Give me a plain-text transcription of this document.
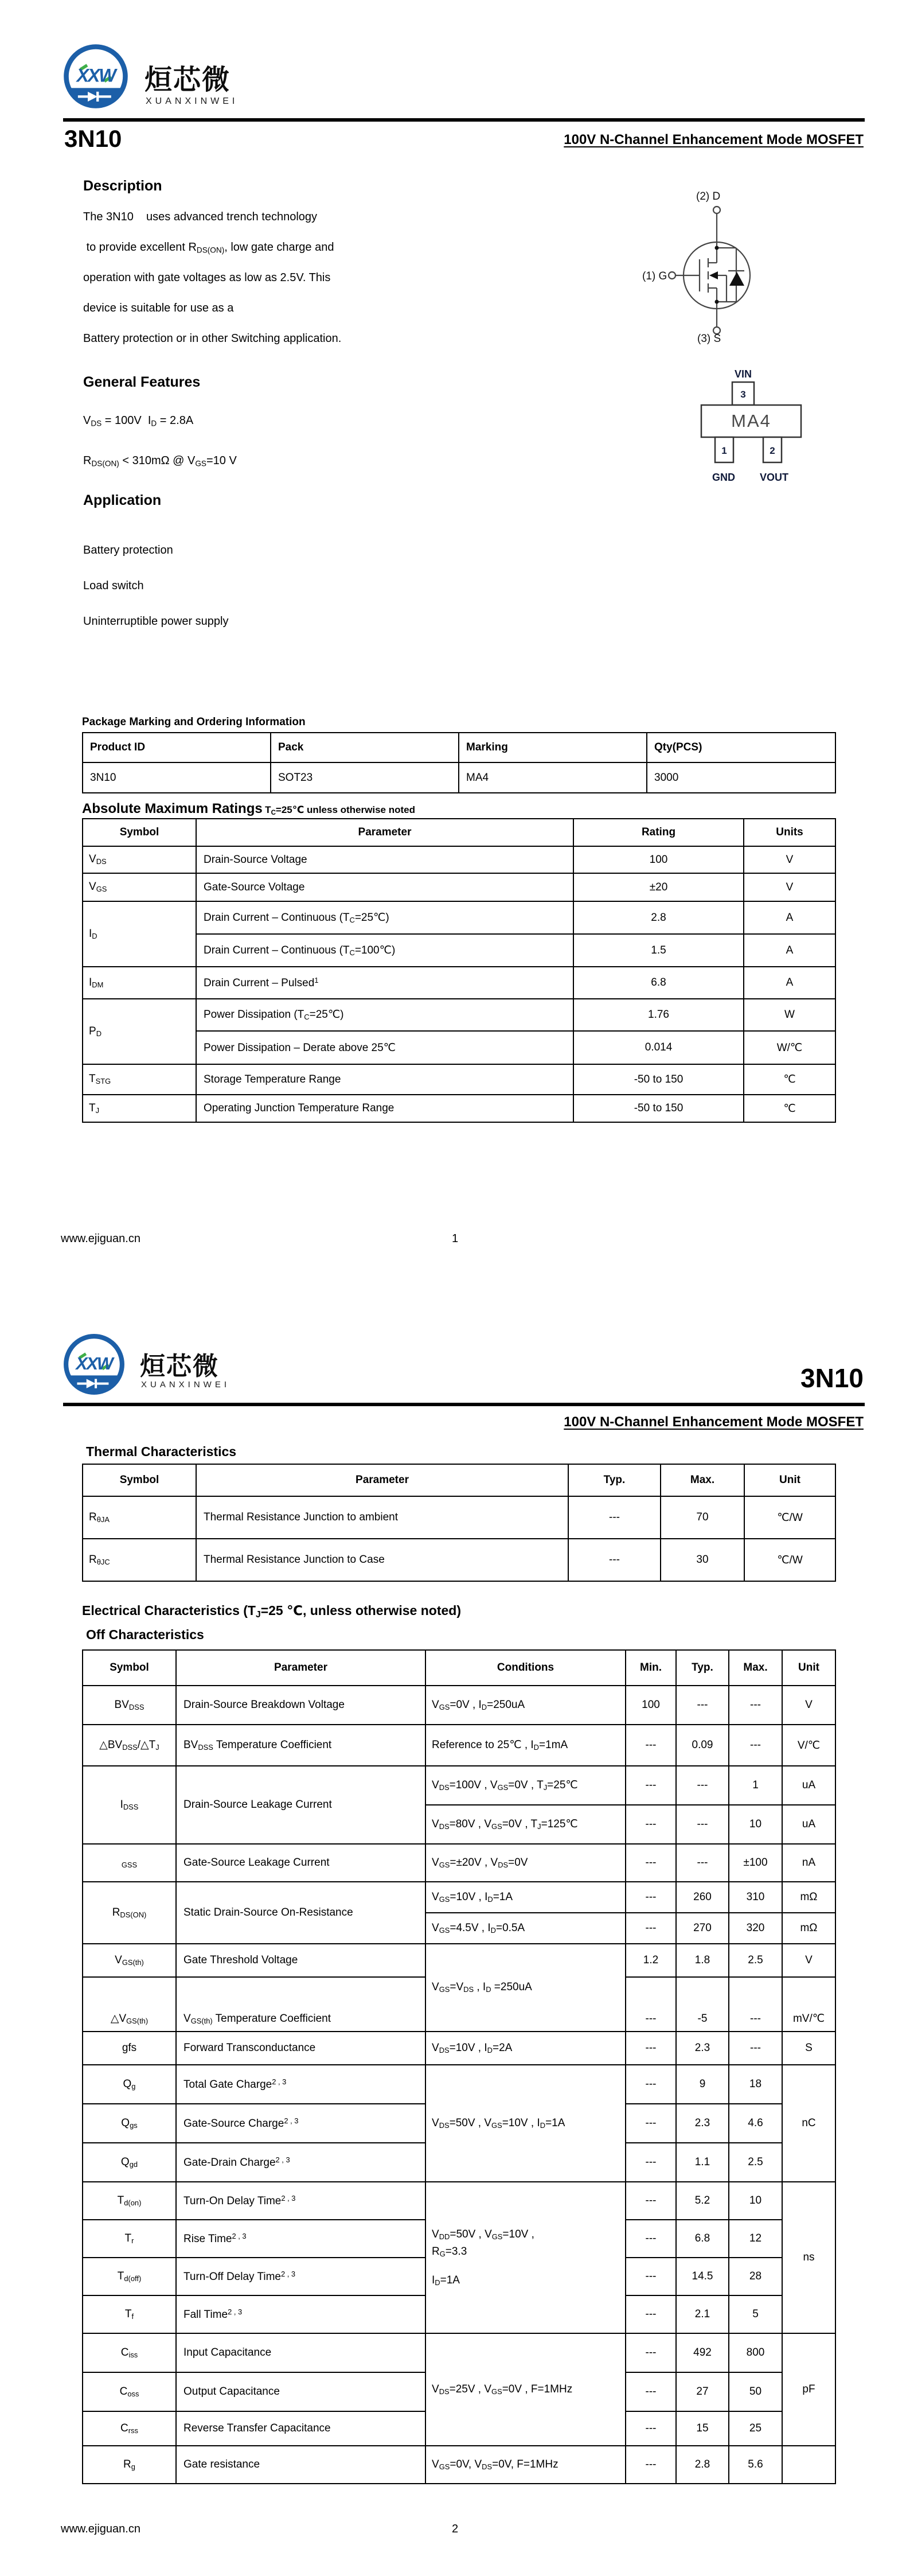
XXW 烜芯微
XUANXINWEI
3N10	100V N-Channel Enhancement Mode MOSFET
Description
The 3N10    uses advanced trench technology
to provide excellent $R_{DS(ON)}$, low gate charge and
operation with gate voltages as low as 2.5V. This
device is suitable for use as a
Battery protection or in other Switching application.
(2) D
(1) G
(3) S
General Features
$V_{DS} = 100V$  $I_D = 2.8A$
$R_{DS(ON)} < 310m\Omega$ @ $V_{GS}=10$ V
VIN
3
MA4
1	2
GND VOUT
Application
Battery protection
Load switch
Uninterruptible power supply
Package Marking and Ordering Information
Product ID	Pack	Marking	Qty(PCS)
3N10	SOT23	MA4	3000
Absolute Maximum Ratings $T_C=25℃$ unless otherwise noted
Symbol	Parameter	Rating	Units
$V_{DS}$	Drain-Source Voltage	100	V
$V_{GS}$	Gate-Source Voltage	±20	V
$I_D$	Drain Current – Continuous $(T_C=25℃)$	2.8	A
	Drain Current – Continuous $(T_C=100℃)$	1.5	A
$I_{DM}$	Drain Current – Pulsed$^1$	6.8	A
$P_D$	Power Dissipation $(T_C=25℃)$	1.76	W
	Power Dissipation – Derate above 25℃	0.014	W/℃
$T_{STG}$	Storage Temperature Range	-50 to 150	℃
$T_J$	Operating Junction Temperature Range	-50 to 150	℃
www.ejiguan.cn	1
XXW 烜芯微
XUANXINWEI	3N10
100V N-Channel Enhancement Mode MOSFET
Thermal Characteristics
Symbol	Parameter	Typ.	Max.	Unit
$R_{\theta JA}$	Thermal Resistance Junction to ambient	---	70	℃/W
$R_{\theta JC}$	Thermal Resistance Junction to Case	---	30	℃/W
Electrical Characteristics ($T_J=25$ ℃, unless otherwise noted)
Off Characteristics
Symbol	Parameter	Conditions	Min.	Typ.	Max.	Unit
$BV_{DSS}$	Drain-Source Breakdown Voltage	$V_{GS}=0V$ , $I_D=250uA$	100	---	---	V
$\triangle BV_{DSS}/\triangle T_J$	$BV_{DSS}$ Temperature Coefficient	Reference to 25℃ , $I_D=1mA$	---	0.09	---	V/℃
$I_{DSS}$	Drain-Source Leakage Current	$V_{DS}=100V$ , $V_{GS}=0V$ , $T_J=25℃$	---	---	1	uA
		$V_{DS}=80V$ , $V_{GS}=0V$ , $T_J=125℃$	---	---	10	uA
$_{GSS}$	Gate-Source Leakage Current	$V_{GS}=\pm 20V$ , $V_{DS}=0V$	---	---	±100	nA
$R_{DS(ON)}$	Static Drain-Source On-Resistance	$V_{GS}=10V$ , $I_D=1A$	---	260	310	mΩ
		$V_{GS}=4.5V$ , $I_D=0.5A$	---	270	320	mΩ
$V_{GS(th)}$	Gate Threshold Voltage	$V_{GS}=V_{DS}$ , $I_D =250uA$	1.2	1.8	2.5	V
$\triangle V_{GS(th)}$	$V_{GS(th)}$ Temperature Coefficient		---	-5	---	mV/℃
gfs	Forward Transconductance	$V_{DS}=10V$ , $I_D=2A$	---	2.3	---	S
$Q_g$	Total Gate Charge$^{2 , 3}$	$V_{DS}=50V$ , $V_{GS}=10V$ , $I_D=1A$	---	9	18	nC
$Q_{gs}$	Gate-Source Charge$^{2 , 3}$		---	2.3	4.6	
$Q_{gd}$	Gate-Drain Charge$^{2 , 3}$		---	1.1	2.5	
$T_{d(on)}$	Turn-On Delay Time$^{2 , 3}$	$V_{DD}=50V$ , $V_{GS}=10V$ ,
$R_G=3.3$
$I_D=1A$	---	5.2	10	ns
$T_r$	Rise Time$^{2 , 3}$		---	6.8	12	
$T_{d(off)}$	Turn-Off Delay Time$^{2 , 3}$		---	14.5	28	
$T_f$	Fall Time$^{2 , 3}$		---	2.1	5	
$C_{iss}$	Input Capacitance	$V_{DS}=25V$ , $V_{GS}=0V$ , F=1MHz	---	492	800	pF
$C_{oss}$	Output Capacitance		---	27	50	
$C_{rss}$	Reverse Transfer Capacitance		---	15	25	
$R_g$	Gate resistance	$V_{GS}=0V$, $V_{DS}=0V$, F=1MHz	---	2.8	5.6	
www.ejiguan.cn	2
